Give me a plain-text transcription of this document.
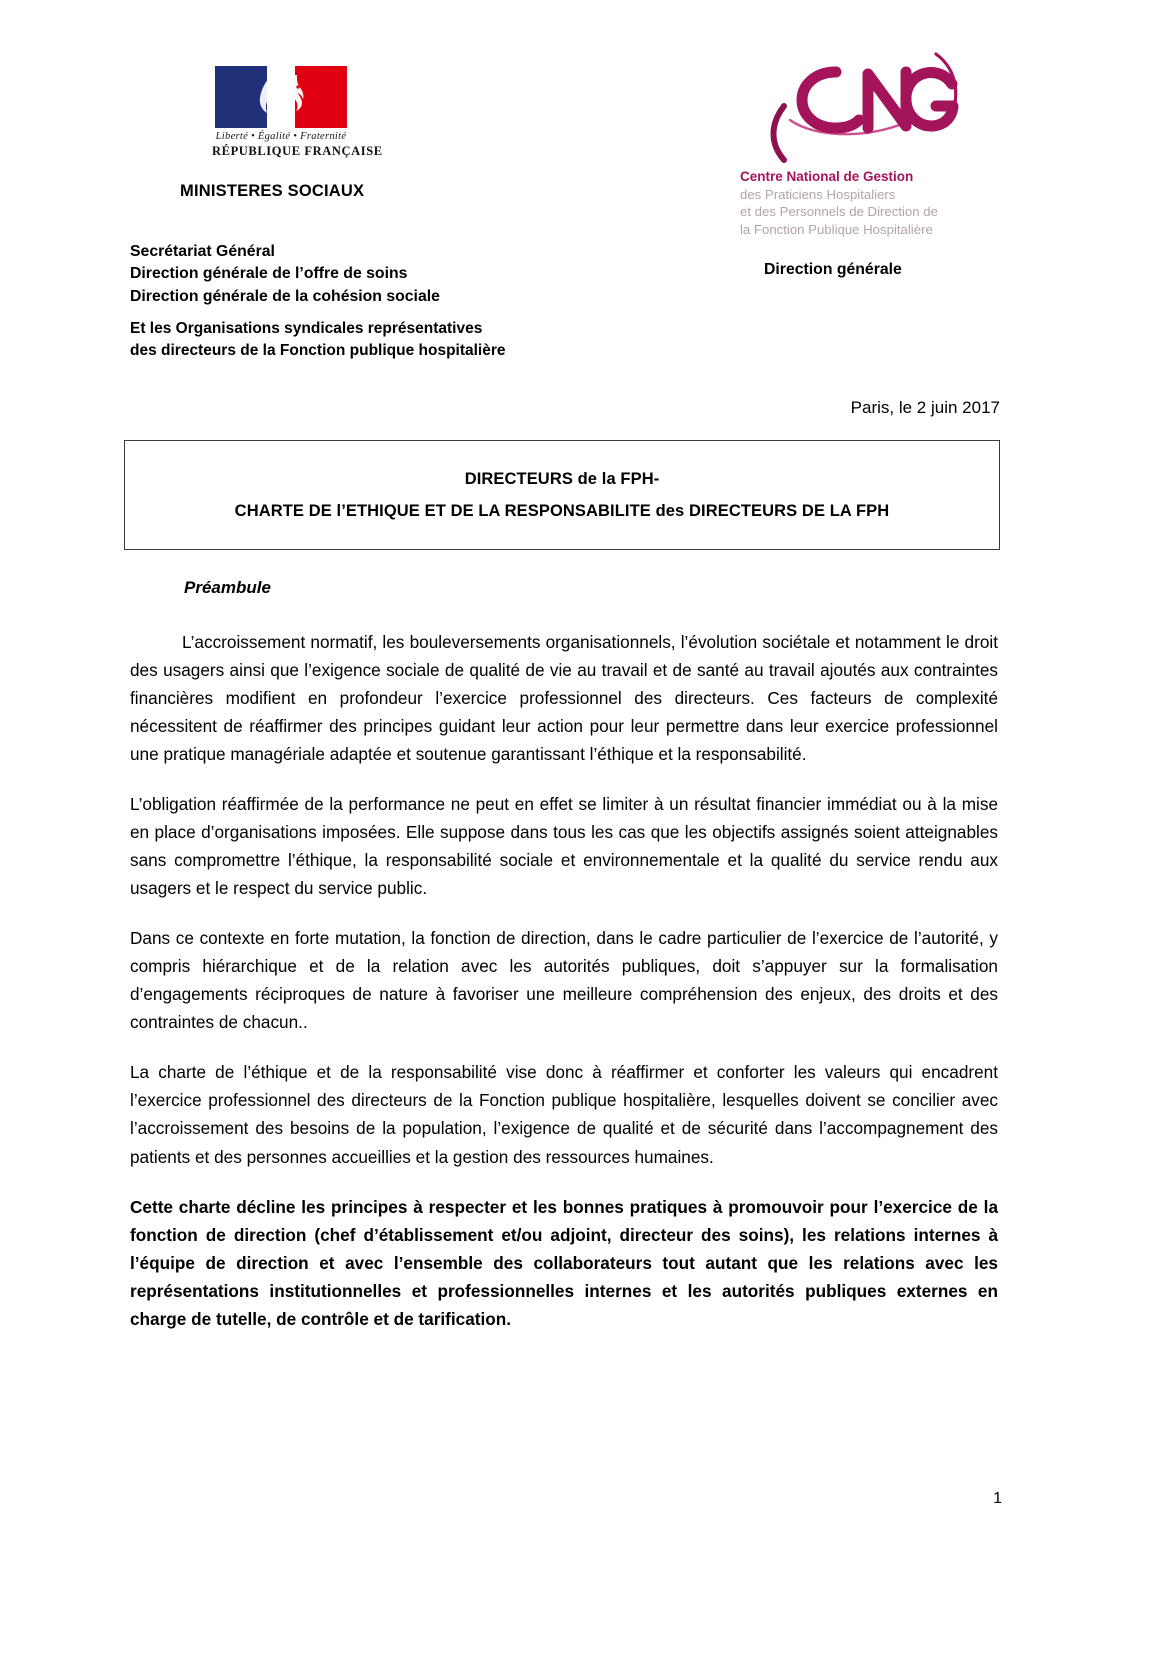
Liberté • Égalité • Fraternité
RÉPUBLIQUE FRANÇAISE
Centre National de Gestion
des Praticiens Hospitaliers
et des Personnels de Direction de
la Fonction Publique Hospitalière
MINISTERES SOCIAUX
Secrétariat Général
Direction générale de l’offre de soins
Direction générale de la cohésion sociale
Et les Organisations syndicales représentatives
des directeurs de la Fonction publique hospitalière
Direction générale
Paris, le 2 juin 2017
DIRECTEURS de la FPH-
CHARTE DE l’ETHIQUE ET DE LA RESPONSABILITE des DIRECTEURS DE LA FPH
Préambule

L’accroissement normatif, les bouleversements organisationnels, l’évolution sociétale et notamment le droit des usagers ainsi que l’exigence sociale de qualité de vie au travail et de santé au travail ajoutés aux contraintes financières modifient en profondeur l’exercice professionnel des directeurs. Ces facteurs de complexité nécessitent de réaffirmer des principes guidant leur action pour leur permettre dans leur exercice professionnel une pratique managériale adaptée et soutenue garantissant l’éthique et la responsabilité.

L’obligation réaffirmée de la performance ne peut en effet se limiter à un résultat financier immédiat ou à la mise en place d’organisations imposées. Elle suppose dans tous les cas que les objectifs assignés soient atteignables sans compromettre l’éthique, la responsabilité sociale et environnementale et la qualité du service rendu aux usagers et le respect du service public.

Dans ce contexte en forte mutation, la fonction de direction, dans le cadre particulier de l’exercice de l’autorité, y compris hiérarchique et de la relation avec les autorités publiques, doit s’appuyer sur la formalisation d’engagements réciproques de nature à favoriser une meilleure compréhension des enjeux, des droits et des contraintes de chacun..

La charte de l’éthique et de la responsabilité vise donc à réaffirmer et conforter les valeurs qui encadrent l’exercice professionnel des directeurs de la Fonction publique hospitalière, lesquelles doivent se concilier avec l’accroissement des besoins de la population, l’exigence de qualité et de sécurité dans l’accompagnement des patients et des personnes accueillies et la gestion des ressources humaines.

Cette charte décline les principes à respecter et les bonnes pratiques à promouvoir pour l’exercice de la fonction de direction (chef d’établissement et/ou adjoint, directeur des soins), les relations internes à l’équipe de direction et avec l’ensemble des collaborateurs tout autant que les relations avec les représentations institutionnelles et professionnelles internes et les autorités publiques externes en charge de tutelle, de contrôle et de tarification.

1
